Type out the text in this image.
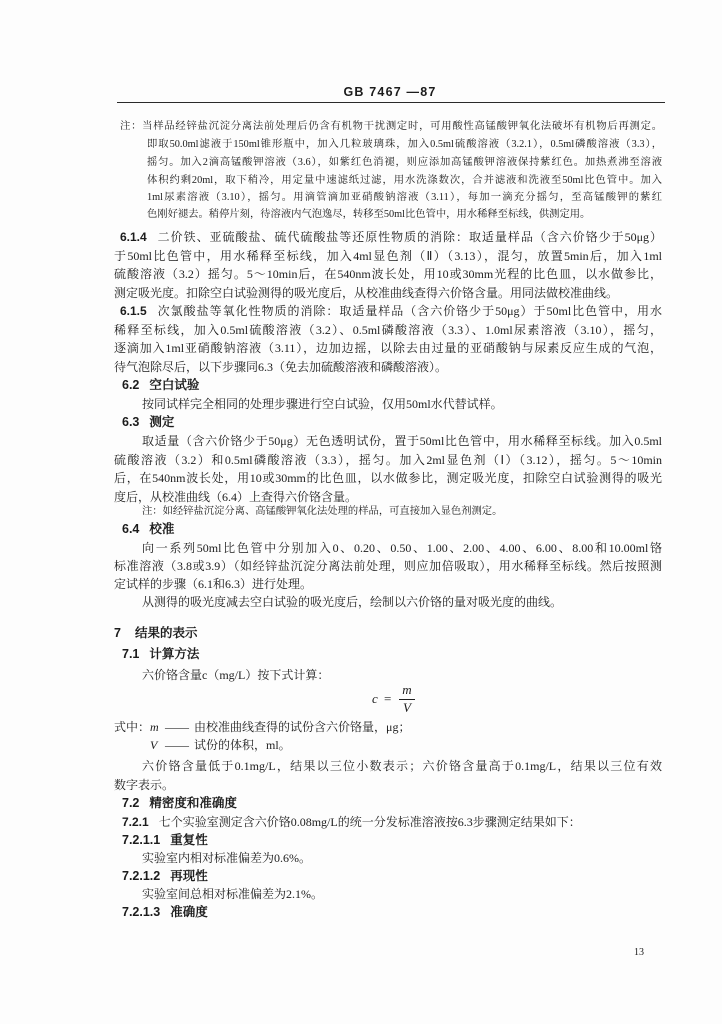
GB 7467 —87
注：当样品经锌盐沉淀分离法前处理后仍含有机物干扰测定时，可用酸性高锰酸钾氧化法破坏有机物后再测定。
即取50.0ml滤液于150ml锥形瓶中，加入几粒玻璃珠，加入0.5ml硫酸溶液（3.2.1），0.5ml磷酸溶液（3.3），
摇匀。加入2滴高锰酸钾溶液（3.6），如紫红色消褪，则应添加高锰酸钾溶液保持紫红色。加热煮沸至溶液
体积约剩20ml，取下稍冷，用定量中速滤纸过滤，用水洗涤数次，合并滤液和洗液至50ml比色管中。加入
1ml尿素溶液（3.10），摇匀。用滴管滴加亚硝酸钠溶液（3.11），每加一滴充分摇匀，至高锰酸钾的紫红
色刚好褪去。稍停片刻，待溶液内气泡逸尽，转移至50ml比色管中，用水稀释至标线，供测定用。
6.1.4 二价铁、亚硫酸盐、硫代硫酸盐等还原性物质的消除：取适量样品（含六价铬少于50μg）
于50ml比色管中，用水稀释至标线，加入4ml显色剂（Ⅱ）（3.13），混匀，放置5min后，加入1ml
硫酸溶液（3.2）摇匀。5～10min后，在540nm波长处，用10或30mm光程的比色皿，以水做参比，
测定吸光度。扣除空白试验测得的吸光度后，从校准曲线查得六价铬含量。用同法做校准曲线。
6.1.5 次氯酸盐等氧化性物质的消除：取适量样品（含六价铬少于50μg）于50ml比色管中，用水
稀释至标线，加入0.5ml硫酸溶液（3.2）、0.5ml磷酸溶液（3.3）、1.0ml尿素溶液（3.10），摇匀，
逐滴加入1ml亚硝酸钠溶液（3.11），边加边摇，以除去由过量的亚硝酸钠与尿素反应生成的气泡，
待气泡除尽后，以下步骤同6.3（免去加硫酸溶液和磷酸溶液）。
6.2 空白试验
按同试样完全相同的处理步骤进行空白试验，仅用50ml水代替试样。
6.3 测定
取适量（含六价铬少于50μg）无色透明试份，置于50ml比色管中，用水稀释至标线。加入0.5ml
硫酸溶液（3.2）和0.5ml磷酸溶液（3.3），摇匀。加入2ml显色剂（Ⅰ）（3.12），摇匀。5～10min
后，在540nm波长处，用10或30mm的比色皿，以水做参比，测定吸光度，扣除空白试验测得的吸光
度后，从校准曲线（6.4）上查得六价铬含量。
注：如经锌盐沉淀分离、高锰酸钾氧化法处理的样品，可直接加入显色剂测定。
6.4 校准
向一系列50ml比色管中分别加入0、0.20、0.50、1.00、2.00、4.00、6.00、8.00和10.00ml铬
标准溶液（3.8或3.9）（如经锌盐沉淀分离法前处理，则应加倍吸取），用水稀释至标线。然后按照测
定试样的步骤（6.1和6.3）进行处理。
从测得的吸光度减去空白试验的吸光度后，绘制以六价铬的量对吸光度的曲线。
7 结果的表示
7.1 计算方法
六价铬含量c（mg/L）按下式计算：
c =
m
V
式中：m —— 由校准曲线查得的试份含六价铬量，μg；
V —— 试份的体积，ml。
六价铬含量低于0.1mg/L，结果以三位小数表示；六价铬含量高于0.1mg/L，结果以三位有效
数字表示。
7.2 精密度和准确度
7.2.1 七个实验室测定含六价铬0.08mg/L的统一分发标准溶液按6.3步骤测定结果如下：
7.2.1.1 重复性
实验室内相对标准偏差为0.6%。
7.2.1.2 再现性
实验室间总相对标准偏差为2.1%。
7.2.1.3 准确度
13
